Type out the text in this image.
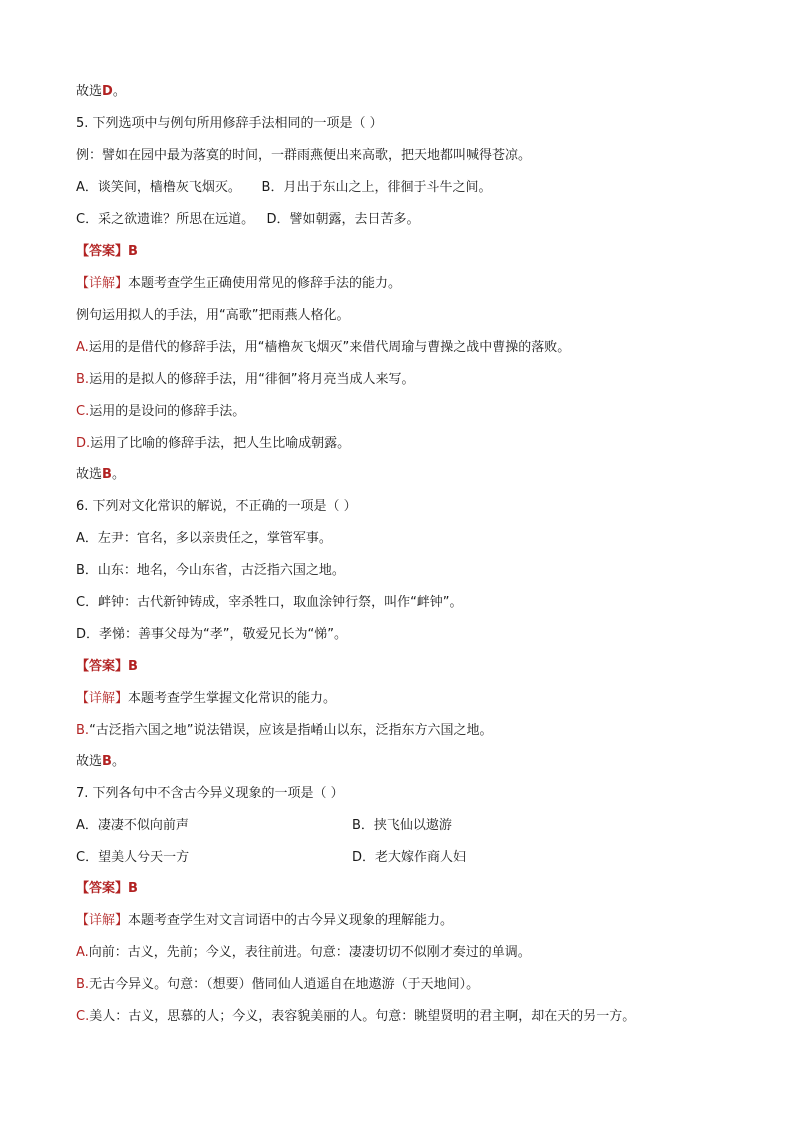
故选D。
5. 下列选项中与例句所用修辞手法相同的一项是（ ）
例：譬如在园中最为落寞的时间，一群雨燕便出来高歌，把天地都叫喊得苍凉。
A．谈笑间，樯橹灰飞烟灭。     B．月出于东山之上，徘徊于斗牛之间。
C．采之欲遗谁？所思在远道。   D．譬如朝露，去日苦多。
【答案】B
【详解】本题考查学生正确使用常见的修辞手法的能力。
例句运用拟人的手法，用“高歌”把雨燕人格化。
A.运用的是借代的修辞手法，用“樯橹灰飞烟灭”来借代周瑜与曹操之战中曹操的落败。
B.运用的是拟人的修辞手法，用“徘徊”将月亮当成人来写。
C.运用的是设问的修辞手法。
D.运用了比喻的修辞手法，把人生比喻成朝露。
故选B。
6. 下列对文化常识的解说，不正确的一项是（ ）
A．左尹：官名，多以亲贵任之，掌管军事。
B．山东：地名，今山东省，古泛指六国之地。
C．衅钟：古代新钟铸成，宰杀牲口，取血涂钟行祭，叫作“衅钟”。
D．孝悌：善事父母为“孝”，敬爱兄长为“悌”。
【答案】B
【详解】本题考查学生掌握文化常识的能力。
B.“古泛指六国之地”说法错误，应该是指崤山以东，泛指东方六国之地。
故选B。
7. 下列各句中不含古今异义现象的一项是（ ）
A．凄凄不似向前声	B．挟飞仙以遨游
C．望美人兮天一方	D．老大嫁作商人妇
【答案】B
【详解】本题考查学生对文言词语中的古今异义现象的理解能力。
A.向前：古义，先前；今义，表往前进。句意：凄凄切切不似刚才奏过的单调。
B.无古今异义。句意：（想要）偕同仙人逍遥自在地遨游（于天地间）。
C.美人：古义，思慕的人；今义，表容貌美丽的人。句意：眺望贤明的君主啊，却在天的另一方。
